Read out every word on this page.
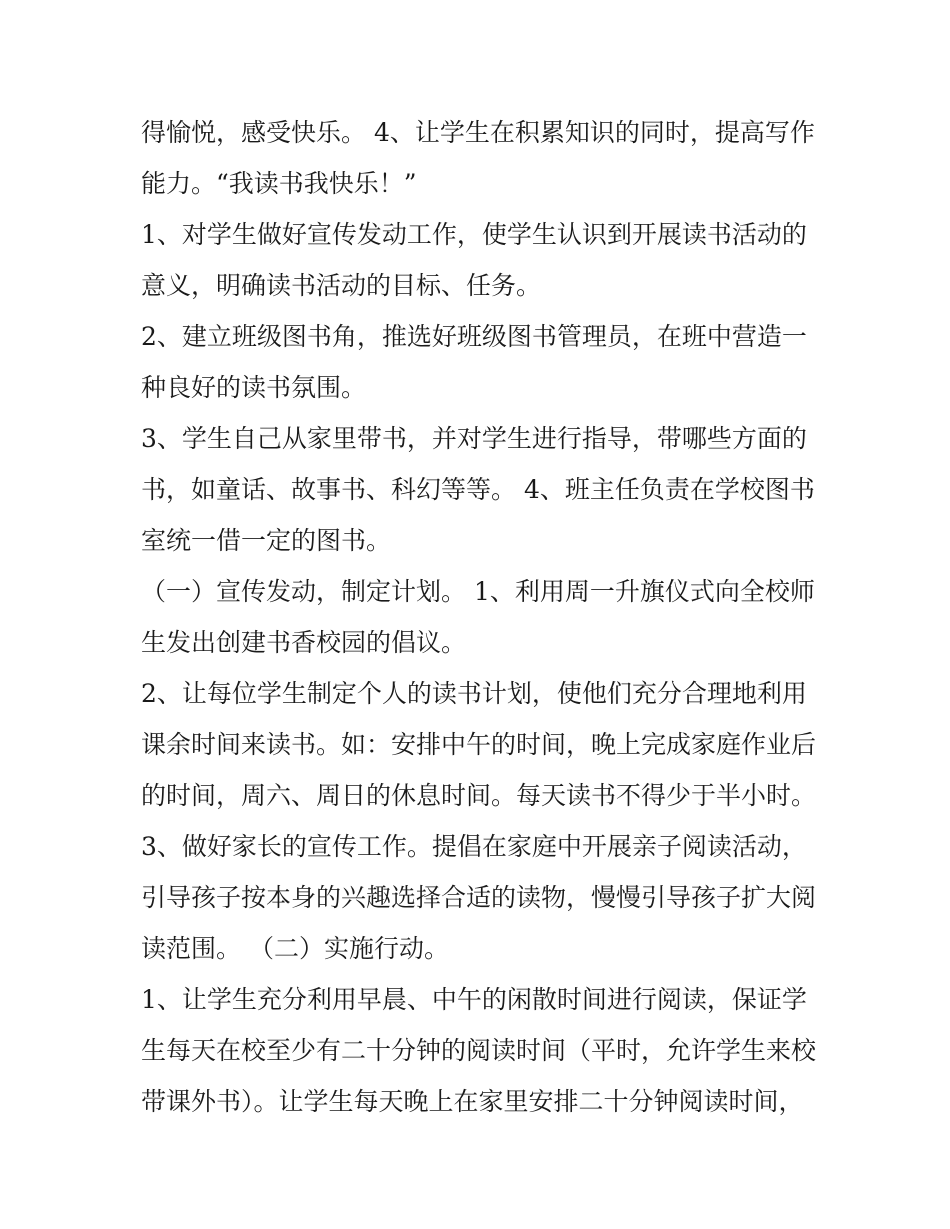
得愉悦，感受快乐。 4、让学生在积累知识的同时，提高写作
能力。“我读书我快乐！”
1、对学生做好宣传发动工作，使学生认识到开展读书活动的
意义，明确读书活动的目标、任务。
2、建立班级图书角，推选好班级图书管理员，在班中营造一
种良好的读书氛围。
3、学生自己从家里带书，并对学生进行指导，带哪些方面的
书，如童话、故事书、科幻等等。 4、班主任负责在学校图书
室统一借一定的图书。
（一）宣传发动，制定计划。 1、利用周一升旗仪式向全校师
生发出创建书香校园的倡议。
2、让每位学生制定个人的读书计划，使他们充分合理地利用
课余时间来读书。如：安排中午的时间，晚上完成家庭作业后
的时间，周六、周日的休息时间。每天读书不得少于半小时。
3、做好家长的宣传工作。提倡在家庭中开展亲子阅读活动，
引导孩子按本身的兴趣选择合适的读物，慢慢引导孩子扩大阅
读范围。 （二）实施行动。
1、让学生充分利用早晨、中午的闲散时间进行阅读，保证学
生每天在校至少有二十分钟的阅读时间（平时，允许学生来校
带课外书）。让学生每天晚上在家里安排二十分钟阅读时间，
